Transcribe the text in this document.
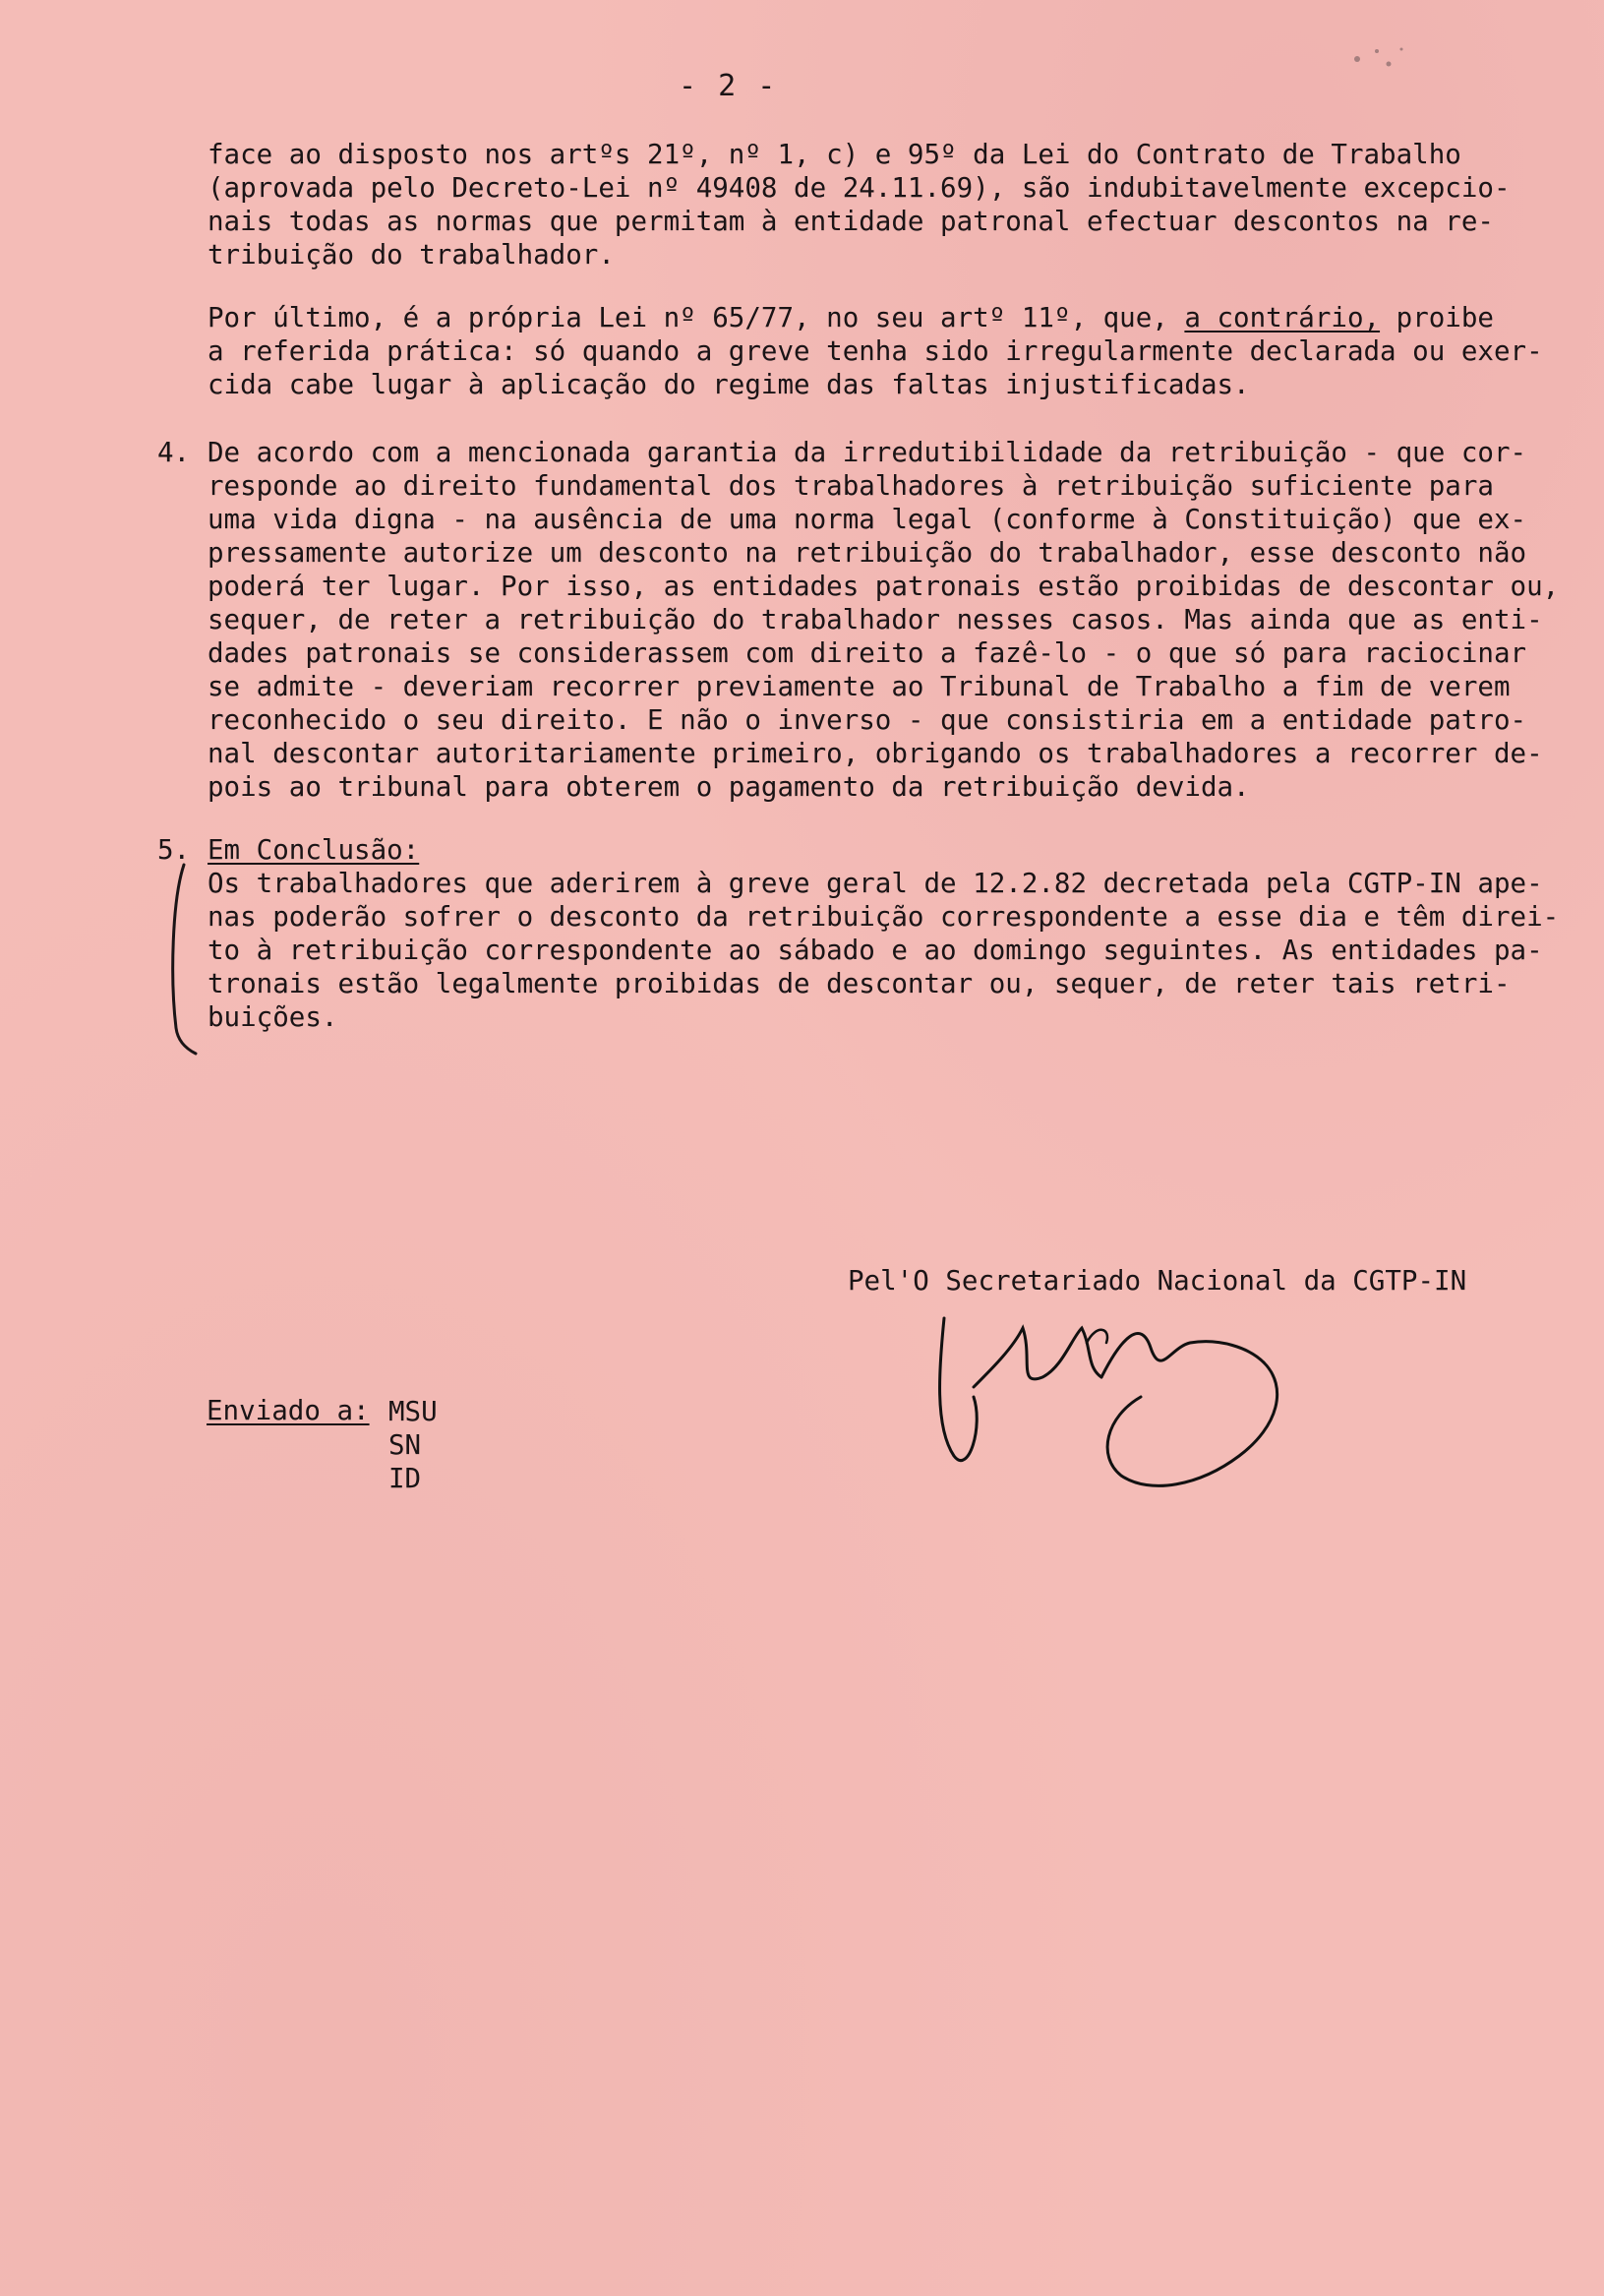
- 2 -
face ao disposto nos artºs 21º, nº 1, c) e 95º da Lei do Contrato de Trabalho
(aprovada pelo Decreto-Lei nº 49408 de 24.11.69), são indubitavelmente excepcio-
nais todas as normas que permitam à entidade patronal efectuar descontos na re-
tribuição do trabalhador.
Por último, é a própria Lei nº 65/77, no seu artº 11º, que, a contrário, proibe
a referida prática: só quando a greve tenha sido irregularmente declarada ou exer-
cida cabe lugar à aplicação do regime das faltas injustificadas.
4. De acordo com a mencionada garantia da irredutibilidade da retribuição - que cor-
responde ao direito fundamental dos trabalhadores à retribuição suficiente para
uma vida digna - na ausência de uma norma legal (conforme à Constituição) que ex-
pressamente autorize um desconto na retribuição do trabalhador, esse desconto não
poderá ter lugar. Por isso, as entidades patronais estão proibidas de descontar ou,
sequer, de reter a retribuição do trabalhador nesses casos. Mas ainda que as enti-
dades patronais se considerassem com direito a fazê-lo - o que só para raciocinar
se admite - deveriam recorrer previamente ao Tribunal de Trabalho a fim de verem
reconhecido o seu direito. E não o inverso - que consistiria em a entidade patro-
nal descontar autoritariamente primeiro, obrigando os trabalhadores a recorrer de-
pois ao tribunal para obterem o pagamento da retribuição devida.
5. Em Conclusão:
Os trabalhadores que aderirem à greve geral de 12.2.82 decretada pela CGTP-IN ape-
nas poderão sofrer o desconto da retribuição correspondente a esse dia e têm direi-
to à retribuição correspondente ao sábado e ao domingo seguintes. As entidades pa-
tronais estão legalmente proibidas de descontar ou, sequer, de reter tais retri-
buições.
Pel'O Secretariado Nacional da CGTP-IN
Enviado a: MSU
SN
ID
